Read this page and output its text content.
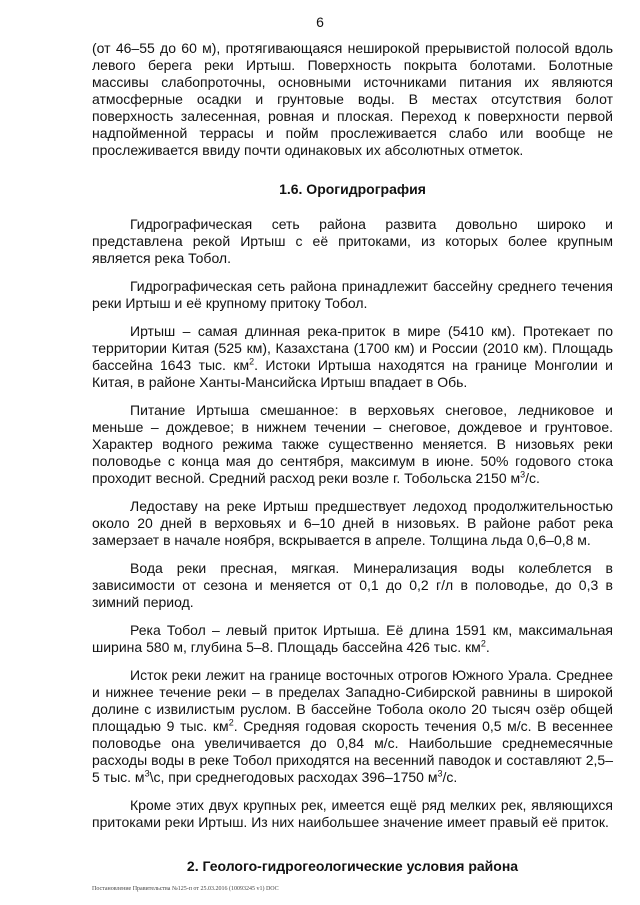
6

(от 46–55 до 60 м), протягивающаяся неширокой прерывистой полосой вдоль левого берега реки Иртыш. Поверхность покрыта болотами. Болотные массивы слабопроточны, основными источниками питания их являются атмосферные осадки и грунтовые воды. В местах отсутствия болот поверхность залесенная, ровная и плоская. Переход к поверхности первой надпойменной террасы и пойм прослеживается слабо или вообще не прослеживается ввиду почти одинаковых их абсолютных отметок.

1.6. Орогидрография

Гидрографическая сеть района развита довольно широко и представлена рекой Иртыш с её притоками, из которых более крупным является река Тобол.

Гидрографическая сеть района принадлежит бассейну среднего течения реки Иртыш и её крупному притоку Тобол.

Иртыш – самая длинная река-приток в мире (5410 км). Протекает по территории Китая (525 км), Казахстана (1700 км) и России (2010 км). Площадь бассейна 1643 тыс. $км^2$. Истоки Иртыша находятся на границе Монголии и Китая, в районе Ханты-Мансийска Иртыш впадает в Обь.

Питание Иртыша смешанное: в верховьях снеговое, ледниковое и меньше – дождевое; в нижнем течении – снеговое, дождевое и грунтовое. Характер водного режима также существенно меняется. В низовьях реки половодье с конца мая до сентября, максимум в июне. 50% годового стока проходит весной. Средний расход реки возле г. Тобольска 2150 $м^3/с$.

Ледоставу на реке Иртыш предшествует ледоход продолжительностью около 20 дней в верховьях и 6–10 дней в низовьях. В районе работ река замерзает в начале ноября, вскрывается в апреле. Толщина льда 0,6–0,8 м.

Вода реки пресная, мягкая. Минерализация воды колеблется в зависимости от сезона и меняется от 0,1 до 0,2 г/л в половодье, до 0,3 в зимний период.

Река Тобол – левый приток Иртыша. Её длина 1591 км, максимальная ширина 580 м, глубина 5–8. Площадь бассейна 426 тыс. $км^2$.

Исток реки лежит на границе восточных отрогов Южного Урала. Среднее и нижнее течение реки – в пределах Западно-Сибирской равнины в широкой долине с извилистым руслом. В бассейне Тобола около 20 тысяч озёр общей площадью 9 тыс. $км^2$. Средняя годовая скорость течения 0,5 м/с. В весеннее половодье она увеличивается до 0,84 м/с. Наибольшие среднемесячные расходы воды в реке Тобол приходятся на весенний паводок и составляют 2,5–5 тыс. $м^3\backslash с$, при среднегодовых расходах 396–1750 $м^3/с$.

Кроме этих двух крупных рек, имеется ещё ряд мелких рек, являющихся притоками реки Иртыш. Из них наибольшее значение имеет правый её приток.

2. Геолого-гидрогеологические условия района

Постановление Правительства №125-п от 25.03.2016 (10093245 v1) DOC
